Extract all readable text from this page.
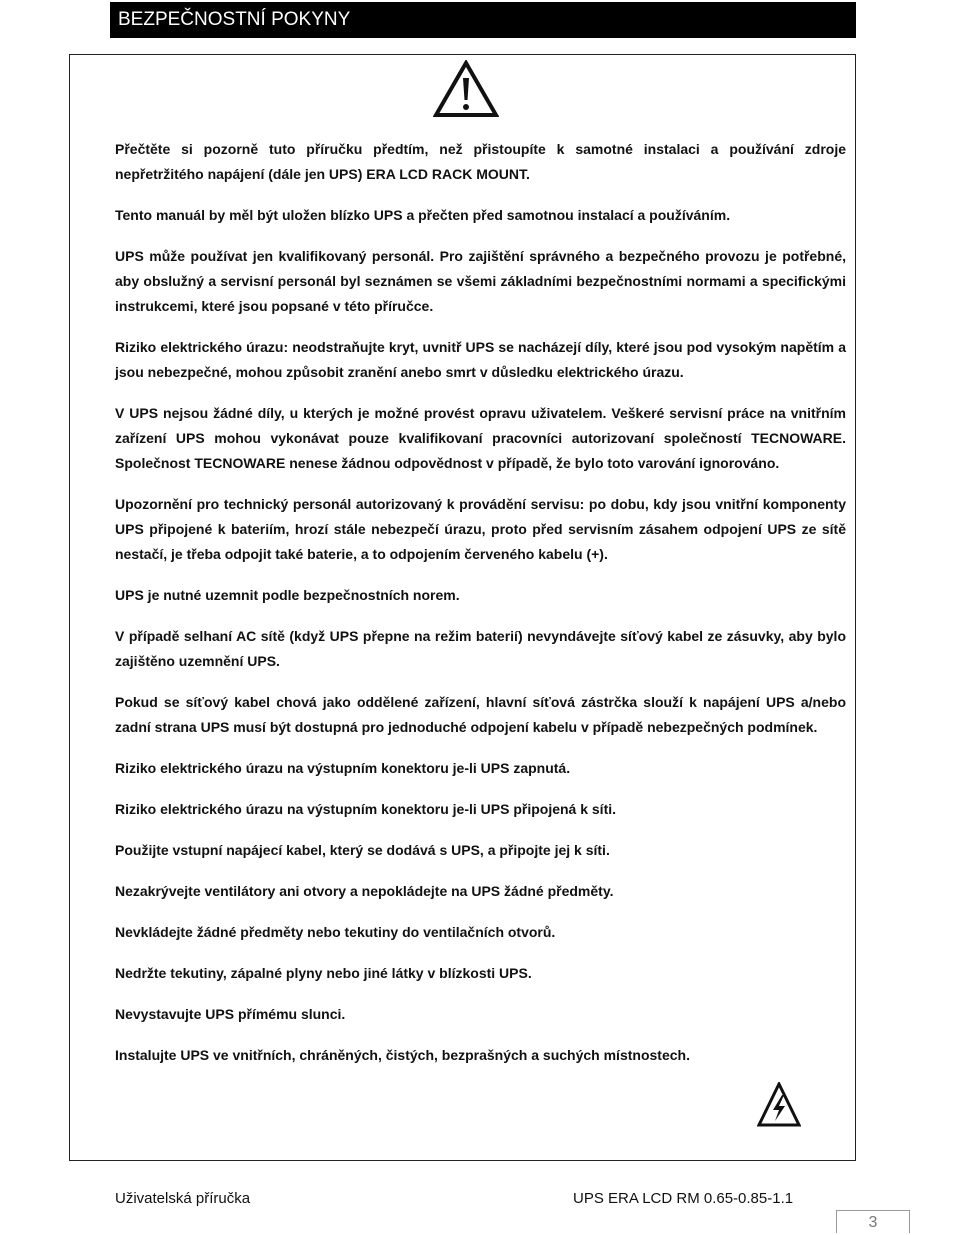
BEZPEČNOSTNÍ POKYNY

Přečtěte si pozorně tuto příručku předtím, než přistoupíte k samotné instalaci a používání zdroje nepřetržitého napájení (dále jen UPS) ERA LCD RACK MOUNT.

Tento manuál by měl být uložen blízko UPS a přečten před samotnou instalací a používáním.

UPS může používat jen kvalifikovaný personál. Pro zajištění správného a bezpečného provozu je potřebné, aby obslužný a servisní personál byl seznámen se všemi základními bezpečnostními normami a specifickými instrukcemi, které jsou popsané v této příručce.

Riziko elektrického úrazu: neodstraňujte kryt, uvnitř UPS se nacházejí díly, které jsou pod vysokým napětím a jsou nebezpečné, mohou způsobit zranění anebo smrt v důsledku elektrického úrazu.

V UPS nejsou žádné díly, u kterých je možné provést opravu uživatelem. Veškeré servisní práce na vnitřním zařízení UPS mohou vykonávat pouze kvalifikovaní pracovníci autorizovaní společností TECNOWARE. Společnost TECNOWARE nenese žádnou odpovědnost v případě, že bylo toto varování ignorováno.

Upozornění pro technický personál autorizovaný k provádění servisu: po dobu, kdy jsou vnitřní komponenty UPS připojené k bateriím, hrozí stále nebezpečí úrazu, proto před servisním zásahem odpojení UPS ze sítě nestačí, je třeba odpojit také baterie, a to odpojením červeného kabelu (+).

UPS je nutné uzemnit podle bezpečnostních norem.

V případě selhaní AC sítě (když UPS přepne na režim baterií) nevyndávejte síťový kabel ze zásuvky, aby bylo zajištěno uzemnění UPS.

Pokud se síťový kabel chová jako oddělené zařízení, hlavní síťová zástrčka slouží k napájení UPS a/nebo zadní strana UPS musí být dostupná pro jednoduché odpojení kabelu v případě nebezpečných podmínek.

Riziko elektrického úrazu na výstupním konektoru je-li UPS zapnutá.

Riziko elektrického úrazu na výstupním konektoru je-li UPS připojená k síti.

Použijte vstupní napájecí kabel, který se dodává s UPS, a připojte jej k síti.

Nezakrývejte ventilátory ani otvory a nepokládejte na UPS žádné předměty.

Nevkládejte žádné předměty nebo tekutiny do ventilačních otvorů.

Nedržte tekutiny, zápalné plyny nebo jiné látky v blízkosti UPS.

Nevystavujte UPS přímému slunci.

Instalujte UPS ve vnitřních, chráněných, čistých, bezprašných a suchých místnostech.

Uživatelská příručka	UPS ERA LCD RM 0.65-0.85-1.1
3
